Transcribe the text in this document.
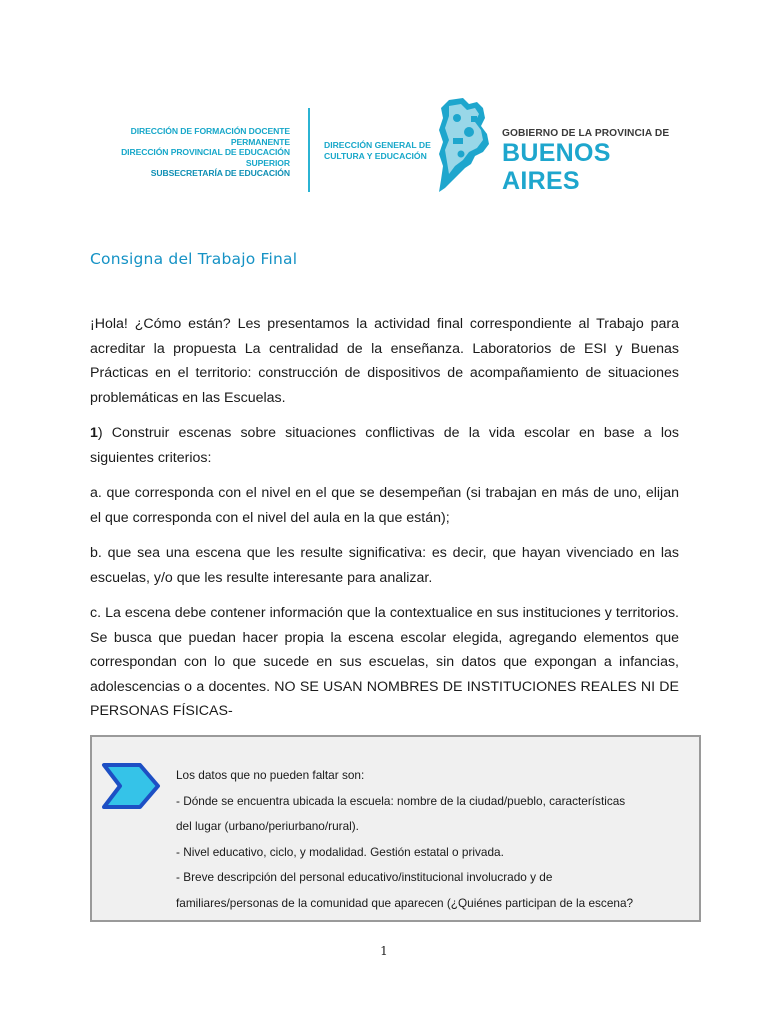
DIRECCIÓN DE FORMACIÓN DOCENTE PERMANENTE
DIRECCIÓN PROVINCIAL DE EDUCACIÓN SUPERIOR
SUBSECRETARÍA DE EDUCACIÓN
DIRECCIÓN GENERAL DE
CULTURA Y EDUCACIÓN
GOBIERNO DE LA PROVINCIA DE
BUENOS AIRES
Consigna del Trabajo Final

¡Hola! ¿Cómo están? Les presentamos la actividad final correspondiente al Trabajo para acreditar la propuesta La centralidad de la enseñanza. Laboratorios de ESI y Buenas Prácticas en el territorio: construcción de dispositivos de acompañamiento de situaciones problemáticas en las Escuelas.

1) Construir escenas sobre situaciones conflictivas de la vida escolar en base a los siguientes criterios:

a. que corresponda con el nivel en el que se desempeñan (si trabajan en más de uno, elijan el que corresponda con el nivel del aula en la que están);

b. que sea una escena que les resulte significativa: es decir, que hayan vivenciado en las escuelas, y/o que les resulte interesante para analizar.

c. La escena debe contener información que la contextualice en sus instituciones y territorios. Se busca que puedan hacer propia la escena escolar elegida, agregando elementos que correspondan con lo que sucede en sus escuelas, sin datos que expongan a infancias, adolescencias o a docentes. NO SE USAN NOMBRES DE INSTITUCIONES REALES NI DE PERSONAS FÍSICAS-

Los datos que no pueden faltar son:
- Dónde se encuentra ubicada la escuela: nombre de la ciudad/pueblo, características
del lugar (urbano/periurbano/rural).
- Nivel educativo, ciclo, y modalidad. Gestión estatal o privada.
- Breve descripción del personal educativo/institucional involucrado y de
familiares/personas de la comunidad que aparecen (¿Quiénes participan de la escena?
1
